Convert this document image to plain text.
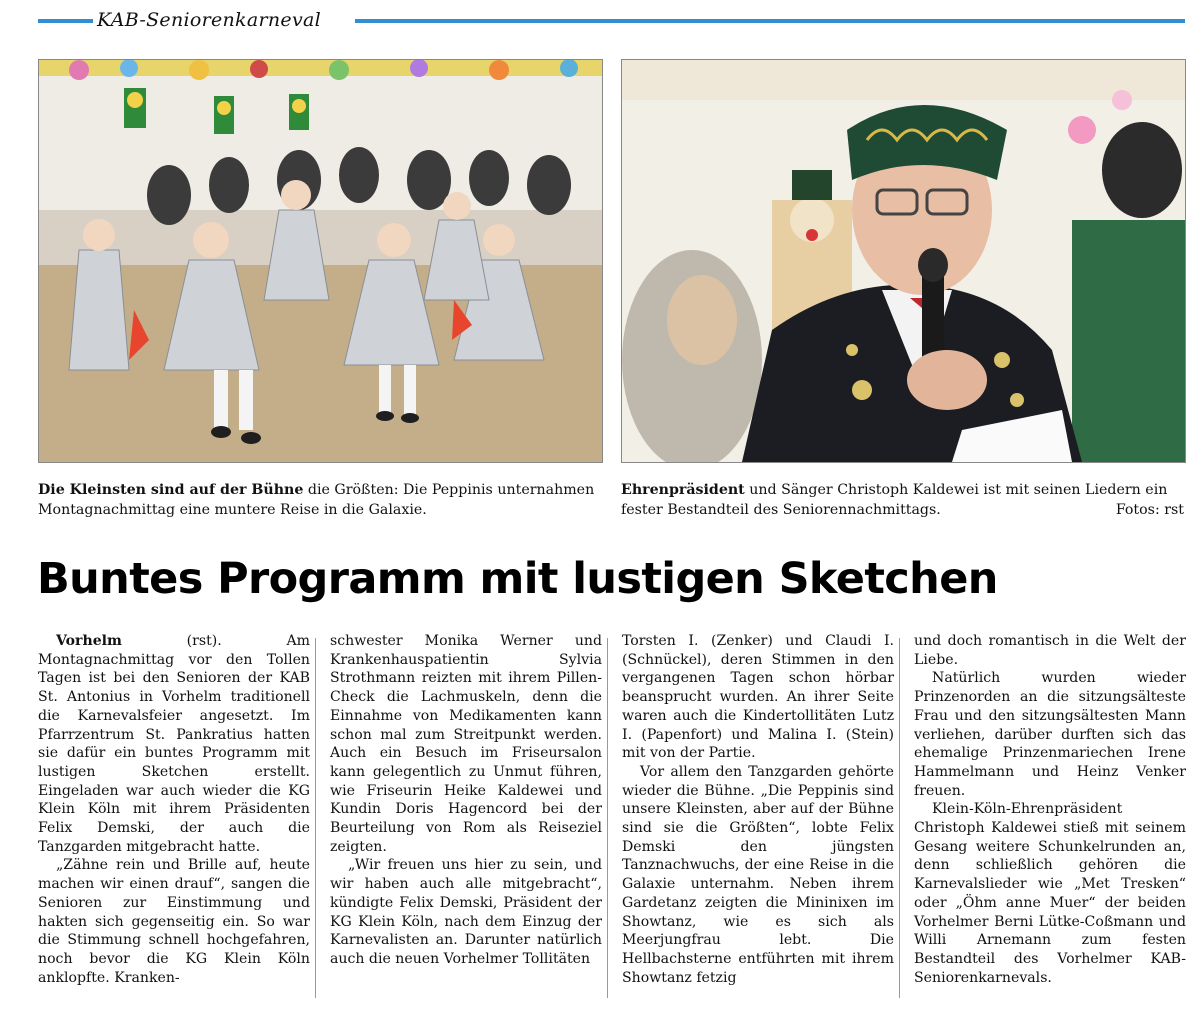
KAB-Seniorenkarneval
Die Kleinsten sind auf der Bühne die Größten: Die Peppinis unternahmen Montagnachmittag eine muntere Reise in die Galaxie.
Ehrenpräsident und Sänger Christoph Kaldewei ist mit seinen Liedern ein fester Bestandteil des Seniorennachmittags.	Fotos: rst
Buntes Programm mit lustigen Sketchen

Vorhelm (rst). Am Montagnachmittag vor den Tollen Tagen ist bei den Senioren der KAB St. Antonius in Vorhelm traditionell die Karnevalsfeier angesetzt. Im Pfarrzentrum St. Pankratius hatten sie dafür ein buntes Programm mit lustigen Sketchen erstellt. Eingeladen war auch wieder die KG Klein Köln mit ihrem Präsidenten Felix Demski, der auch die Tanzgarden mitgebracht hatte.

„Zähne rein und Brille auf, heute machen wir einen drauf“, sangen die Senioren zur Einstimmung und hakten sich gegenseitig ein. So war die Stimmung schnell hochgefahren, noch bevor die KG Klein Köln anklopfte. Kranken-

schwester Monika Werner und Krankenhauspatientin Sylvia Strothmann reizten mit ihrem Pillen-Check die Lachmuskeln, denn die Einnahme von Medikamenten kann schon mal zum Streitpunkt werden. Auch ein Besuch im Friseursalon kann gelegentlich zu Unmut führen, wie Friseurin Heike Kaldewei und Kundin Doris Hagencord bei der Beurteilung von Rom als Reiseziel zeigten.

„Wir freuen uns hier zu sein, und wir haben auch alle mitgebracht“, kündigte Felix Demski, Präsident der KG Klein Köln, nach dem Einzug der Karnevalisten an. Darunter natürlich auch die neuen Vorhelmer Tollitäten

Torsten I. (Zenker) und Claudi I. (Schnückel), deren Stimmen in den vergangenen Tagen schon hörbar beansprucht wurden. An ihrer Seite waren auch die Kindertollitäten Lutz I. (Papenfort) und Malina I. (Stein) mit von der Partie.

Vor allem den Tanzgarden gehörte wieder die Bühne. „Die Peppinis sind unsere Kleinsten, aber auf der Bühne sind sie die Größten“, lobte Felix Demski den jüngsten Tanznachwuchs, der eine Reise in die Galaxie unternahm. Neben ihrem Gardetanz zeigten die Mininixen im Showtanz, wie es sich als Meerjungfrau lebt. Die Hellbachsterne entführten mit ihrem Showtanz fetzig

und doch romantisch in die Welt der Liebe.

Natürlich wurden wieder Prinzenorden an die sitzungsälteste Frau und den sitzungsältesten Mann verliehen, darüber durften sich das ehemalige Prinzenmariechen Irene Hammelmann und Heinz Venker freuen.

Klein-Köln-Ehrenpräsident Christoph Kaldewei stieß mit seinem Gesang weitere Schunkelrunden an, denn schließlich gehören die Karnevalslieder wie „Met Tresken“ oder „Öhm anne Muer“ der beiden Vorhelmer Berni Lütke-Coßmann und Willi Arnemann zum festen Bestandteil des Vorhelmer KAB-Seniorenkarnevals.
